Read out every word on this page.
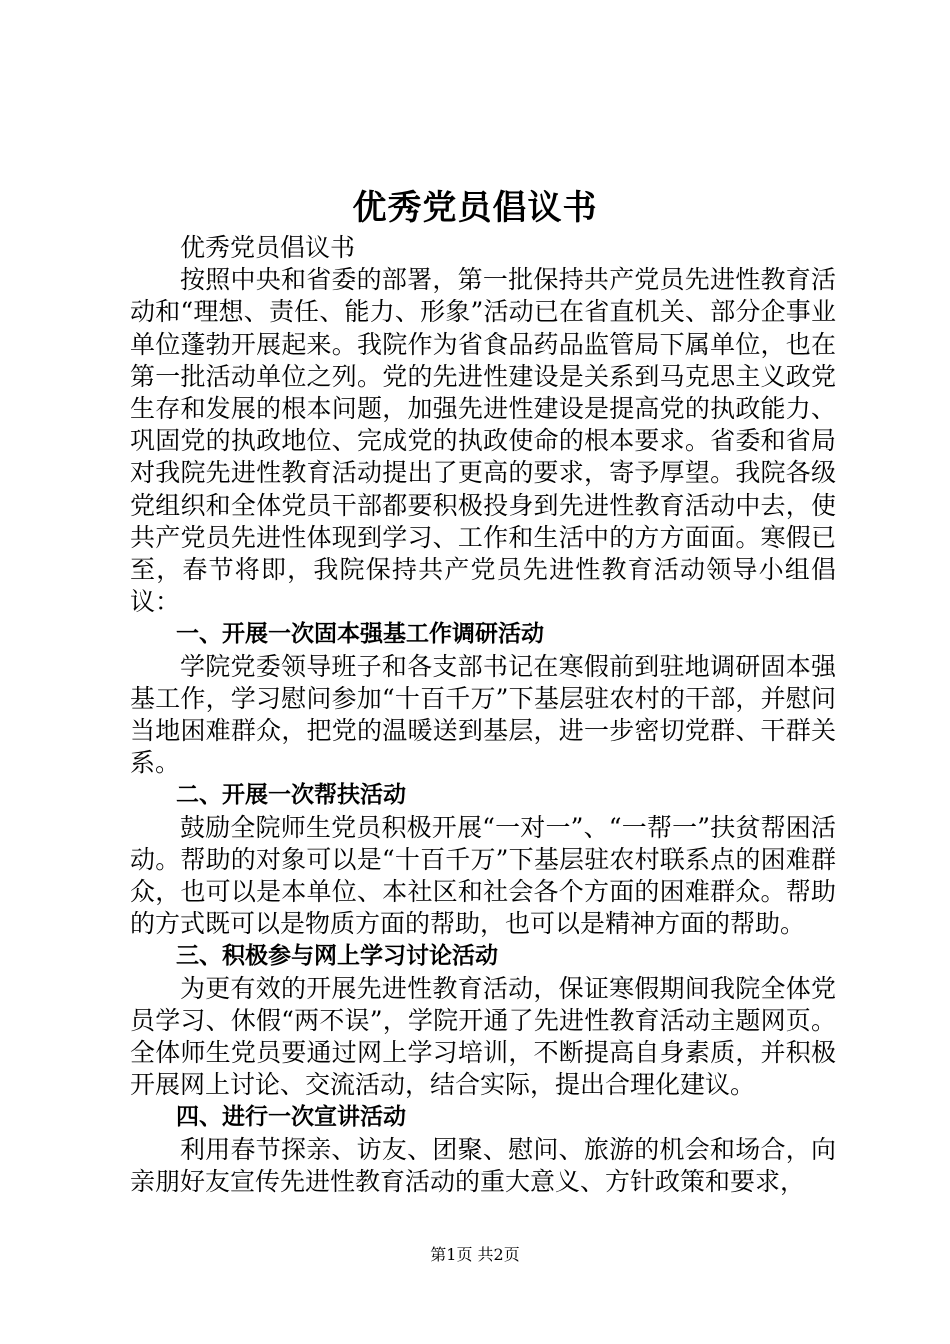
优秀党员倡议书

优秀党员倡议书

按照中央和省委的部署，第一批保持共产党员先进性教育活动和“理想、责任、能力、形象”活动已在省直机关、部分企事业单位蓬勃开展起来。我院作为省食品药品监管局下属单位，也在第一批活动单位之列。党的先进性建设是关系到马克思主义政党生存和发展的根本问题，加强先进性建设是提高党的执政能力、巩固党的执政地位、完成党的执政使命的根本要求。省委和省局对我院先进性教育活动提出了更高的要求，寄予厚望。我院各级党组织和全体党员干部都要积极投身到先进性教育活动中去，使共产党员先进性体现到学习、工作和生活中的方方面面。寒假已至，春节将即，我院保持共产党员先进性教育活动领导小组倡议：

一、开展一次固本强基工作调研活动

学院党委领导班子和各支部书记在寒假前到驻地调研固本强基工作，学习慰问参加“十百千万”下基层驻农村的干部，并慰问当地困难群众，把党的温暖送到基层，进一步密切党群、干群关系。

二、开展一次帮扶活动

鼓励全院师生党员积极开展“一对一”、“一帮一”扶贫帮困活动。帮助的对象可以是“十百千万”下基层驻农村联系点的困难群众，也可以是本单位、本社区和社会各个方面的困难群众。帮助的方式既可以是物质方面的帮助，也可以是精神方面的帮助。

三、积极参与网上学习讨论活动

为更有效的开展先进性教育活动，保证寒假期间我院全体党员学习、休假“两不误”，学院开通了先进性教育活动主题网页。全体师生党员要通过网上学习培训，不断提高自身素质，并积极开展网上讨论、交流活动，结合实际，提出合理化建议。

四、进行一次宣讲活动

利用春节探亲、访友、团聚、慰问、旅游的机会和场合，向亲朋好友宣传先进性教育活动的重大意义、方针政策和要求，

第1页 共2页
